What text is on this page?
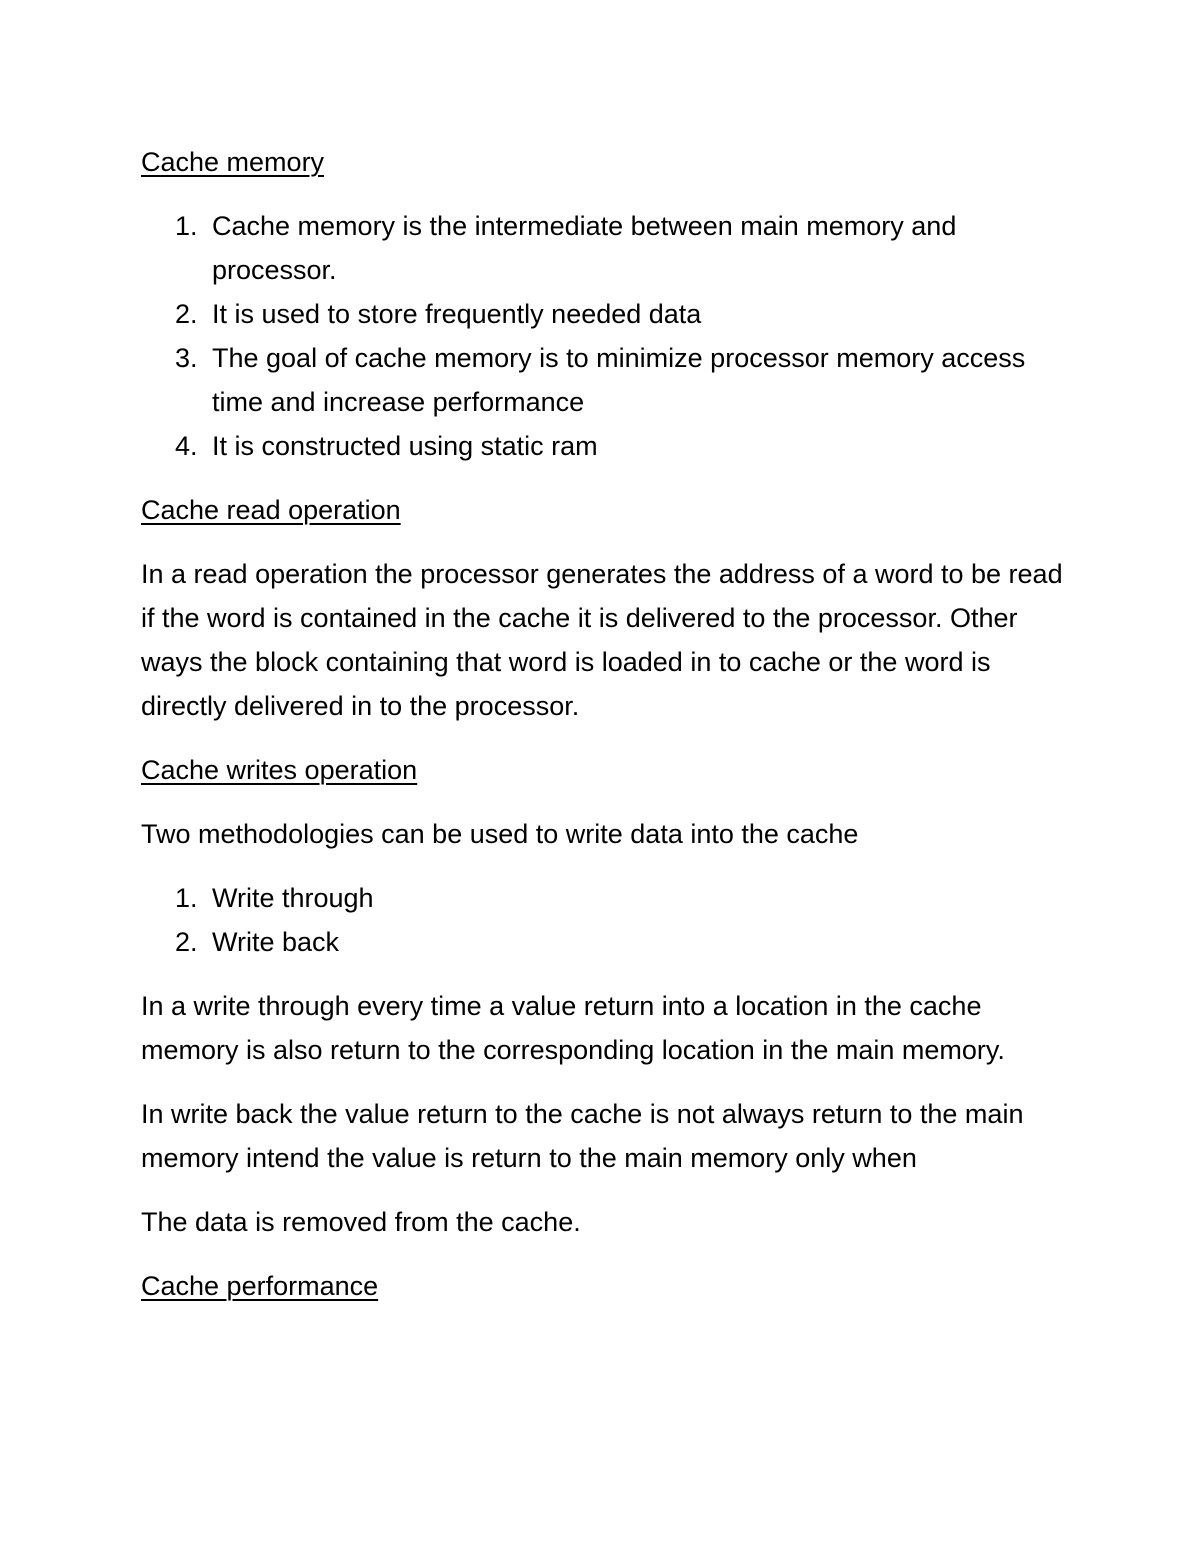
Cache memory
1. Cache memory is the intermediate between main memory and processor.
2. It is used to store frequently needed data
3. The goal of cache memory is to minimize processor memory access time and increase performance
4. It is constructed using static ram
Cache read operation

In a read operation the processor generates the address of a word to be read if the word is contained in the cache it is delivered to the processor. Other ways the block containing that word is loaded in to cache or the word is directly delivered in to the processor.

Cache writes operation

Two methodologies can be used to write data into the cache

1. Write through
2. Write back

In a write through every time a value return into a location in the cache memory is also return to the corresponding location in the main memory.

In write back the value return to the cache is not always return to the main memory intend the value is return to the main memory only when

The data is removed from the cache.

Cache performance
